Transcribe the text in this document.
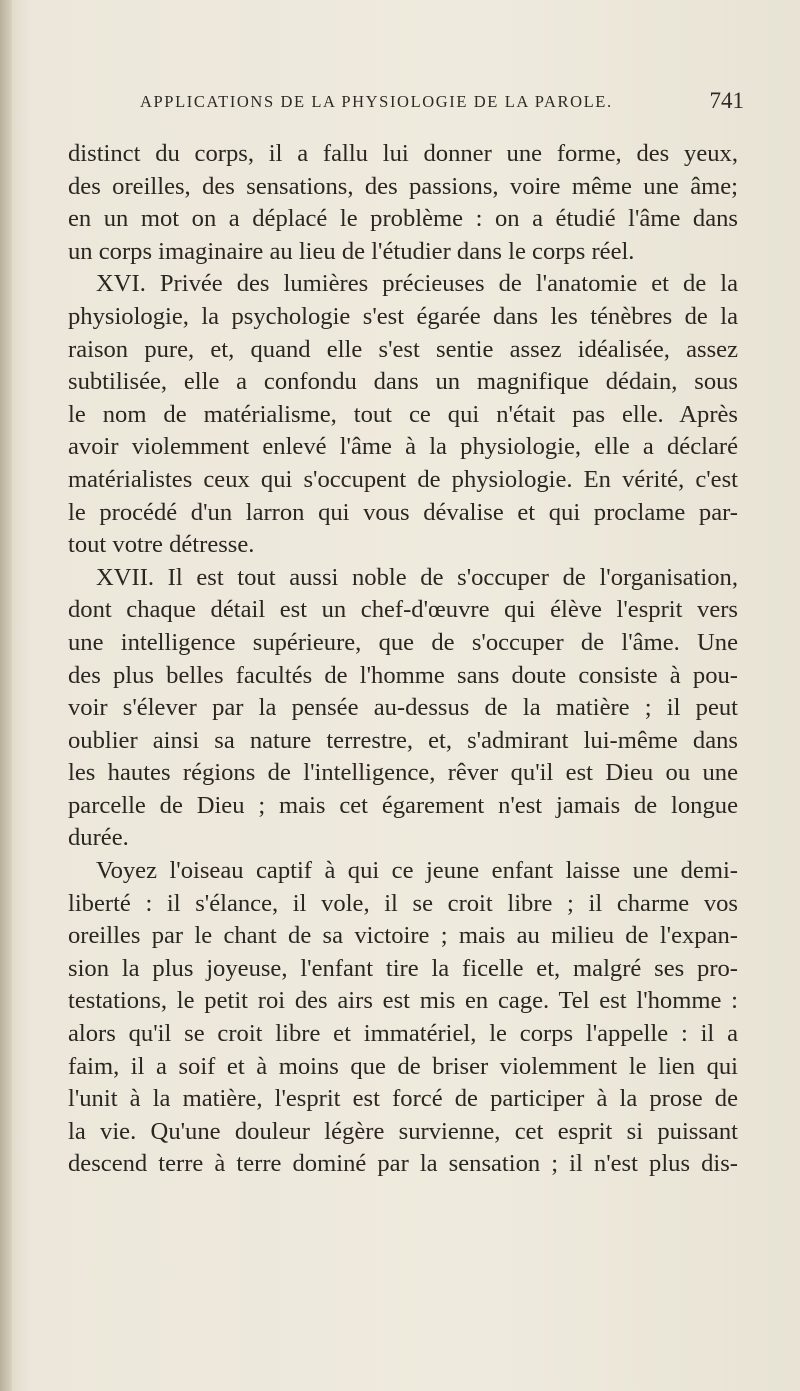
APPLICATIONS DE LA PHYSIOLOGIE DE LA PAROLE.	741
distinct du corps, il a fallu lui donner une forme, des yeux,
des oreilles, des sensations, des passions, voire même une âme;
en un mot on a déplacé le problème : on a étudié l'âme dans
un corps imaginaire au lieu de l'étudier dans le corps réel.
XVI. Privée des lumières précieuses de l'anatomie et de la
physiologie, la psychologie s'est égarée dans les ténèbres de la
raison pure, et, quand elle s'est sentie assez idéalisée, assez
subtilisée, elle a confondu dans un magnifique dédain, sous
le nom de matérialisme, tout ce qui n'était pas elle. Après
avoir violemment enlevé l'âme à la physiologie, elle a déclaré
matérialistes ceux qui s'occupent de physiologie. En vérité, c'est
le procédé d'un larron qui vous dévalise et qui proclame par-
tout votre détresse.
XVII. Il est tout aussi noble de s'occuper de l'organisation,
dont chaque détail est un chef-d'œuvre qui élève l'esprit vers
une intelligence supérieure, que de s'occuper de l'âme. Une
des plus belles facultés de l'homme sans doute consiste à pou-
voir s'élever par la pensée au-dessus de la matière ; il peut
oublier ainsi sa nature terrestre, et, s'admirant lui-même dans
les hautes régions de l'intelligence, rêver qu'il est Dieu ou une
parcelle de Dieu ; mais cet égarement n'est jamais de longue
durée.
Voyez l'oiseau captif à qui ce jeune enfant laisse une demi-
liberté : il s'élance, il vole, il se croit libre ; il charme vos
oreilles par le chant de sa victoire ; mais au milieu de l'expan-
sion la plus joyeuse, l'enfant tire la ficelle et, malgré ses pro-
testations, le petit roi des airs est mis en cage. Tel est l'homme :
alors qu'il se croit libre et immatériel, le corps l'appelle : il a
faim, il a soif et à moins que de briser violemment le lien qui
l'unit à la matière, l'esprit est forcé de participer à la prose de
la vie. Qu'une douleur légère survienne, cet esprit si puissant
descend terre à terre dominé par la sensation ; il n'est plus dis-
